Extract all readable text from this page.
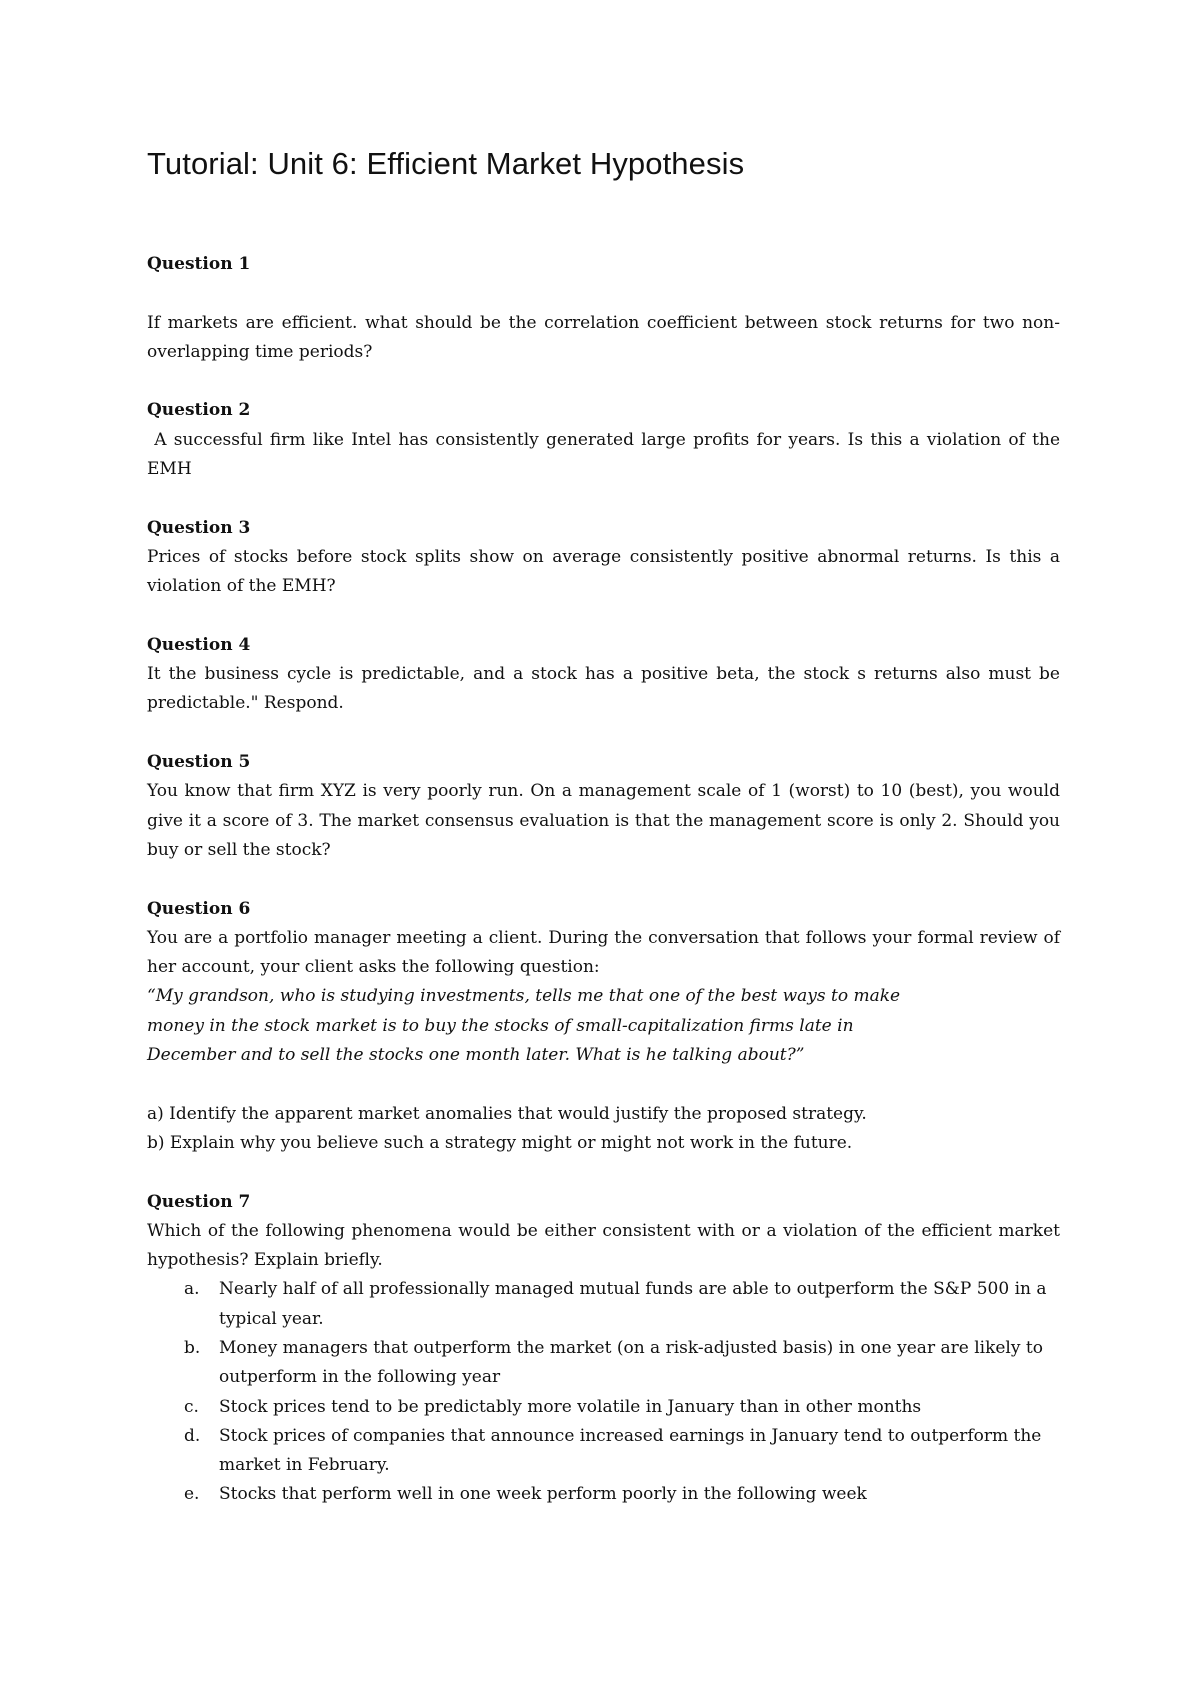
Tutorial: Unit 6: Efficient Market Hypothesis

Question 1

If markets are efficient. what should be the correlation coefficient between stock returns for two non-overlapping time periods?

Question 2

A successful firm like Intel has consistently generated large profits for years. Is this a violation of the EMH

Question 3

Prices of stocks before stock splits show on average consistently positive abnormal returns. Is this a violation of the EMH?

Question 4

It the business cycle is predictable, and a stock has a positive beta, the stock s returns also must be predictable." Respond.

Question 5

You know that firm XYZ is very poorly run. On a management scale of 1 (worst) to 10 (best), you would give it a score of 3. The market consensus evaluation is that the management score is only 2. Should you buy or sell the stock?

Question 6

You are a portfolio manager meeting a client. During the conversation that follows your formal review of her account, your client asks the following question:

“My grandson, who is studying investments, tells me that one of the best ways to make

money in the stock market is to buy the stocks of small-capitalization firms late in

December and to sell the stocks one month later. What is he talking about?”

a) Identify the apparent market anomalies that would justify the proposed strategy.

b) Explain why you believe such a strategy might or might not work in the future.

Question 7

Which of the following phenomena would be either consistent with or a violation of the efficient market hypothesis? Explain briefly.

a. Nearly half of all professionally managed mutual funds are able to outperform the S&P 500 in a typical year.
b. Money managers that outperform the market (on a risk-adjusted basis) in one year are likely to outperform in the following year
c. Stock prices tend to be predictably more volatile in January than in other months
d. Stock prices of companies that announce increased earnings in January tend to outperform the market in February.
e. Stocks that perform well in one week perform poorly in the following week
